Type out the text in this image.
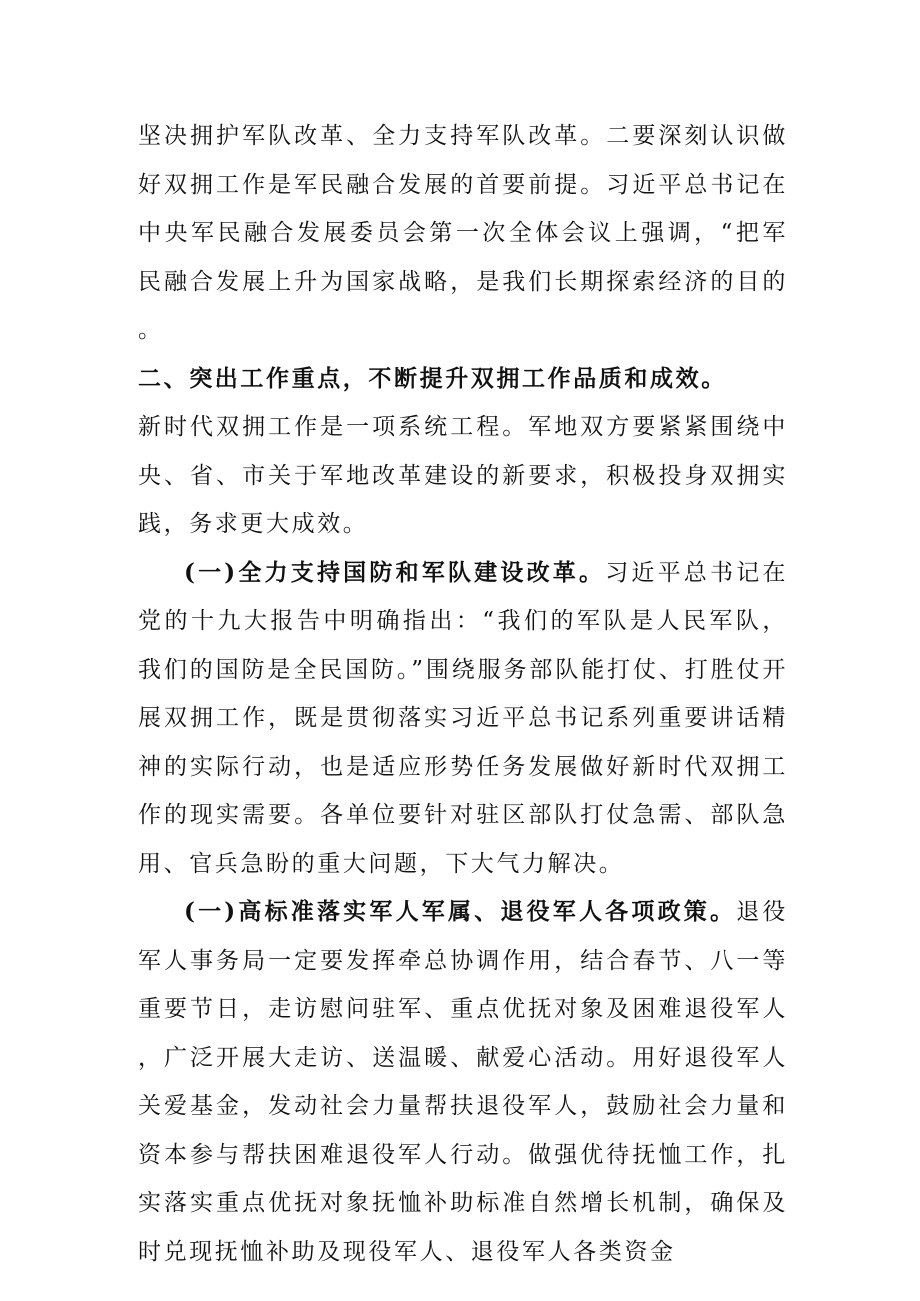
坚决拥护军队改革、全力支持军队改革。二要深刻认识做好双拥工作是军民融合发展的首要前提。习近平总书记在中央军民融合发展委员会第一次全体会议上强调，“把军民融合发展上升为国家战略，是我们长期探索经济的目的。

二、突出工作重点，不断提升双拥工作品质和成效。

新时代双拥工作是一项系统工程。军地双方要紧紧围绕中央、省、市关于军地改革建设的新要求，积极投身双拥实践，务求更大成效。

(一)全力支持国防和军队建设改革。习近平总书记在党的十九大报告中明确指出：“我们的军队是人民军队，我们的国防是全民国防。”围绕服务部队能打仗、打胜仗开展双拥工作，既是贯彻落实习近平总书记系列重要讲话精神的实际行动，也是适应形势任务发展做好新时代双拥工作的现实需要。各单位要针对驻区部队打仗急需、部队急用、官兵急盼的重大问题，下大气力解决。

(一)高标准落实军人军属、退役军人各项政策。退役军人事务局一定要发挥牵总协调作用，结合春节、八一等重要节日，走访慰问驻军、重点优抚对象及困难退役军人，广泛开展大走访、送温暖、献爱心活动。用好退役军人关爱基金，发动社会力量帮扶退役军人，鼓励社会力量和资本参与帮扶困难退役军人行动。做强优待抚恤工作，扎实落实重点优抚对象抚恤补助标准自然增长机制，确保及时兑现抚恤补助及现役军人、退役军人各类资金
